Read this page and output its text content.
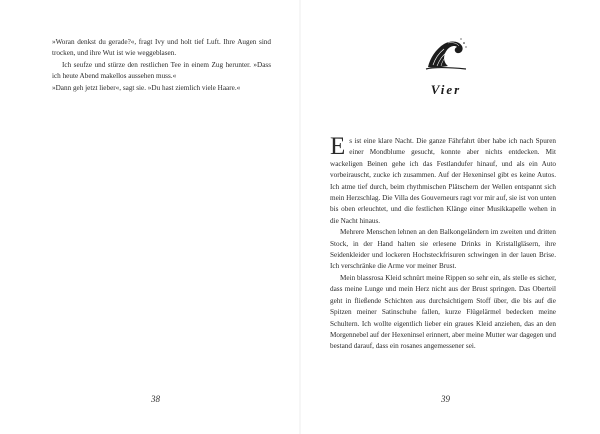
»Woran denkst du gerade?«, fragt Ivy und holt tief Luft. Ihre Augen sind trocken, und ihre Wut ist wie weggeblasen.

Ich seufze und stürze den restlichen Tee in einem Zug herunter. »Dass ich heute Abend makellos aussehen muss.«

»Dann geh jetzt lieber«, sagt sie. »Du hast ziemlich viele Haare.«

38
Vier

Es ist eine klare Nacht. Die ganze Fährfahrt über habe ich nach Spuren einer Mondblume gesucht, konnte aber nichts entdecken. Mit wackeligen Beinen gehe ich das Festlandufer hinauf, und als ein Auto vorbeirauscht, zucke ich zusammen. Auf der Hexeninsel gibt es keine Autos. Ich atme tief durch, beim rhythmischen Plätschern der Wellen entspannt sich mein Herzschlag. Die Villa des Gouverneurs ragt vor mir auf, sie ist von unten bis oben erleuchtet, und die festlichen Klänge einer Musikkapelle wehen in die Nacht hinaus.

Mehrere Menschen lehnen an den Balkongeländern im zweiten und dritten Stock, in der Hand halten sie erlesene Drinks in Kristallgläsern, ihre Seidenkleider und lockeren Hochsteckfrisuren schwingen in der lauen Brise. Ich verschränke die Arme vor meiner Brust.

Mein blassrosa Kleid schnürt meine Rippen so sehr ein, als stelle es sicher, dass meine Lunge und mein Herz nicht aus der Brust springen. Das Oberteil geht in fließende Schichten aus durchsichtigem Stoff über, die bis auf die Spitzen meiner Satinschuhe fallen, kurze Flügelärmel bedecken meine Schultern. Ich wollte eigentlich lieber ein graues Kleid anziehen, das an den Morgennebel auf der Hexeninsel erinnert, aber meine Mutter war dagegen und bestand darauf, dass ein rosanes angemessener sei.

39
